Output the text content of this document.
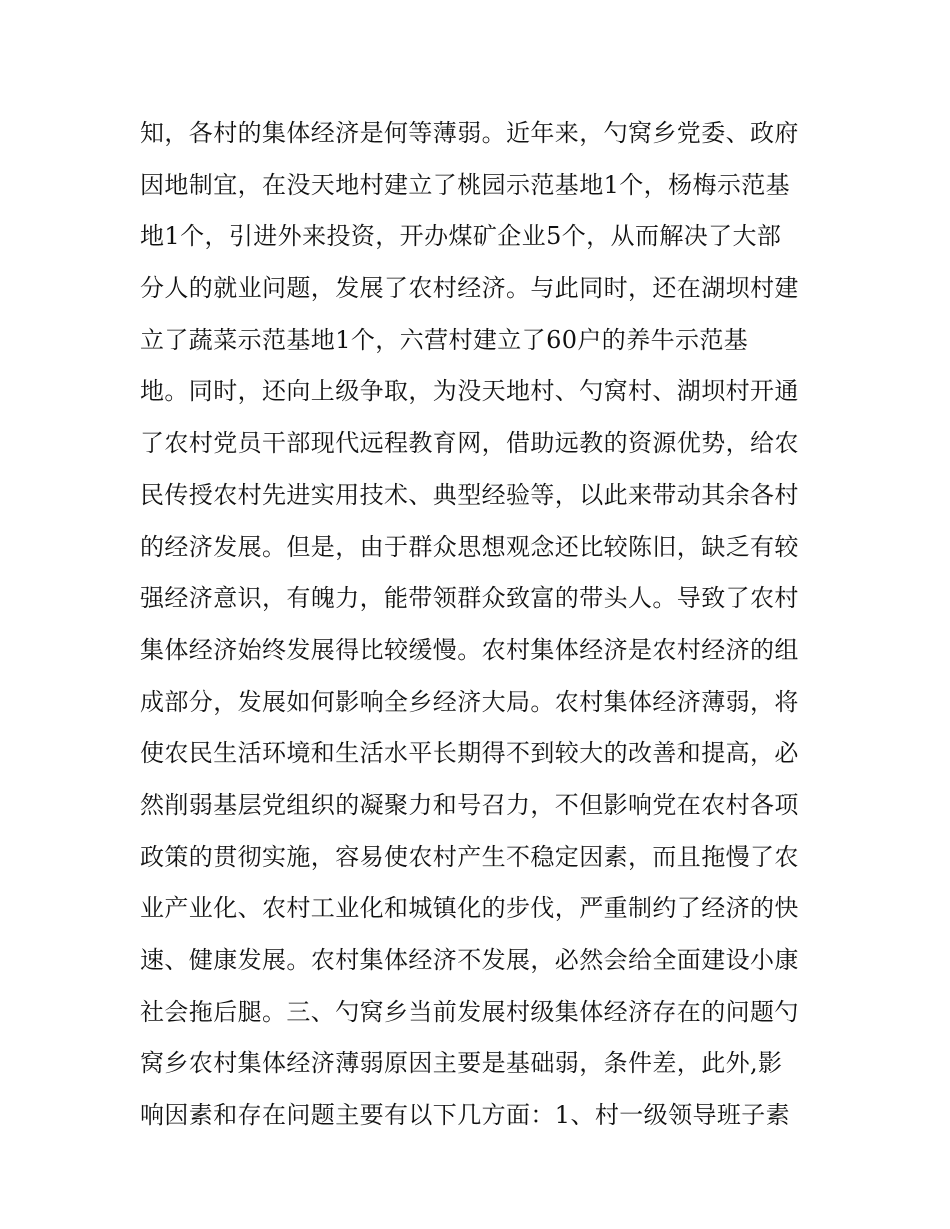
知，各村的集体经济是何等薄弱。近年来，勺窝乡党委、政府
因地制宜，在没天地村建立了桃园示范基地1个，杨梅示范基
地1个，引进外来投资，开办煤矿企业5个，从而解决了大部
分人的就业问题，发展了农村经济。与此同时，还在湖坝村建
立了蔬菜示范基地1个，六营村建立了60户的养牛示范基
地。同时，还向上级争取，为没天地村、勺窝村、湖坝村开通
了农村党员干部现代远程教育网，借助远教的资源优势，给农
民传授农村先进实用技术、典型经验等，以此来带动其余各村
的经济发展。但是，由于群众思想观念还比较陈旧，缺乏有较
强经济意识，有魄力，能带领群众致富的带头人。导致了农村
集体经济始终发展得比较缓慢。农村集体经济是农村经济的组
成部分，发展如何影响全乡经济大局。农村集体经济薄弱，将
使农民生活环境和生活水平长期得不到较大的改善和提高，必
然削弱基层党组织的凝聚力和号召力，不但影响党在农村各项
政策的贯彻实施，容易使农村产生不稳定因素，而且拖慢了农
业产业化、农村工业化和城镇化的步伐，严重制约了经济的快
速、健康发展。农村集体经济不发展，必然会给全面建设小康
社会拖后腿。三、勺窝乡当前发展村级集体经济存在的问题勺
窝乡农村集体经济薄弱原因主要是基础弱，条件差，此外,影
响因素和存在问题主要有以下几方面：1、村一级领导班子素
